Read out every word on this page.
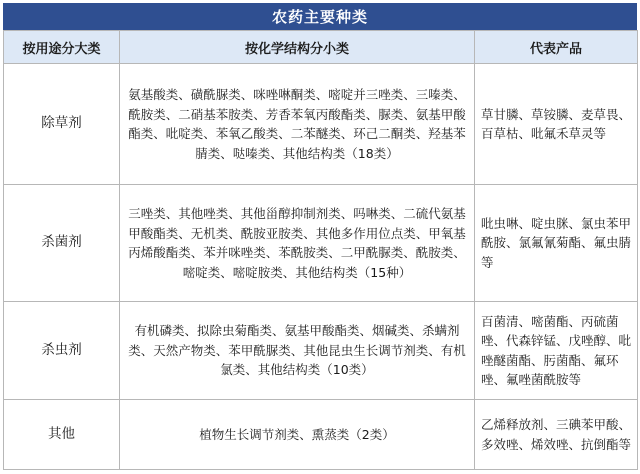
农药主要种类
按用途分大类	按化学结构分小类	代表产品
除草剂	氨基酸类、磺酰脲类、咪唑啉酮类、嘧啶并三唑类、三嗪类、酰胺类、二硝基苯胺类、芳香苯氧丙酸酯类、脲类、氨基甲酸酯类、吡啶类、苯氧乙酸类、二苯醚类、环己二酮类、羟基苯腈类、哒嗪类、其他结构类（18类）	草甘膦、草铵膦、麦草畏、百草枯、吡氟禾草灵等
杀菌剂	三唑类、其他唑类、其他甾醇抑制剂类、吗啉类、二硫代氨基甲酸酯类、无机类、酰胺亚胺类、其他多作用位点类、甲氧基丙烯酸酯类、苯并咪唑类、苯酰胺类、二甲酰脲类、酰胺类、嘧啶类、嘧啶胺类、其他结构类（15种）	吡虫啉、啶虫脒、氯虫苯甲酰胺、氯氟氰菊酯、氟虫腈等
杀虫剂	有机磷类、拟除虫菊酯类、氨基甲酸酯类、烟碱类、杀螨剂类、天然产物类、苯甲酰脲类、其他昆虫生长调节剂类、有机氯类、其他结构类（10类）	百菌清、嘧菌酯、丙硫菌唑、代森锌锰、戊唑醇、吡唑醚菌酯、肟菌酯、氟环唑、氟唑菌酰胺等
其他	植物生长调节剂类、熏蒸类（2类）	乙烯释放剂、三碘苯甲酸、多效唑、烯效唑、抗倒酯等
